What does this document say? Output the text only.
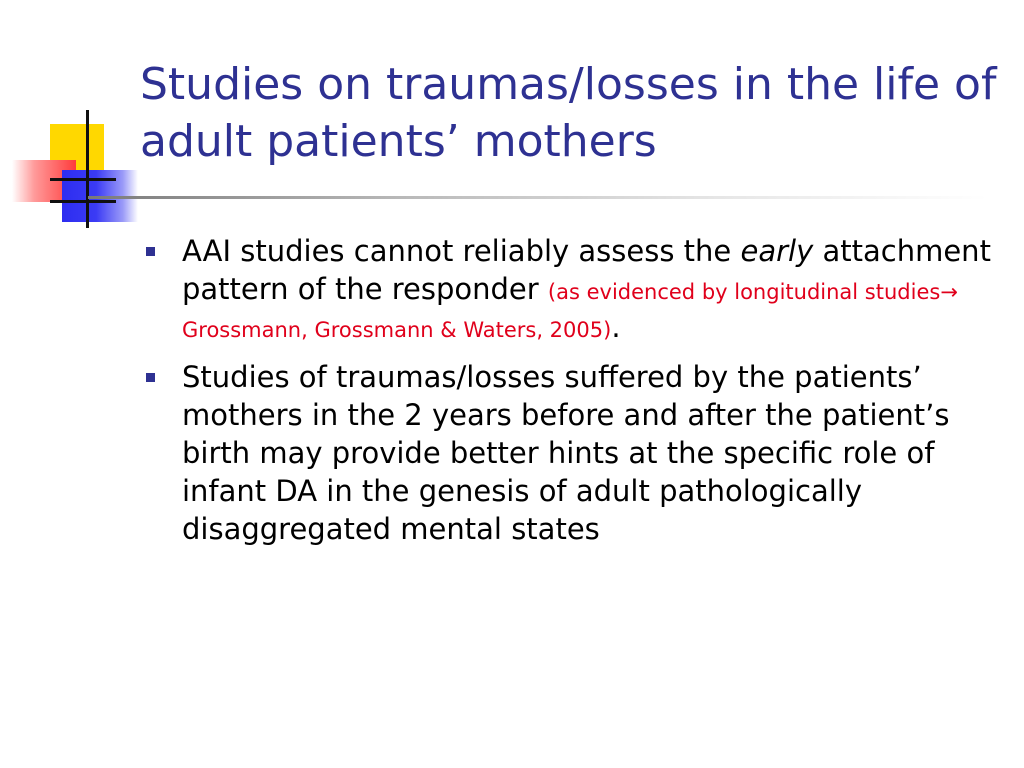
Studies on traumas/losses in the life of adult patients’ mothers
AAI studies cannot reliably assess the early attachment pattern of the responder (as evidenced by longitudinal studies→ Grossmann, Grossmann & Waters, 2005).
Studies of traumas/losses suffered by the patients’ mothers in the 2 years before and after the patient’s birth may provide better hints at the specific role of infant DA in the genesis of adult pathologically disaggregated mental states
